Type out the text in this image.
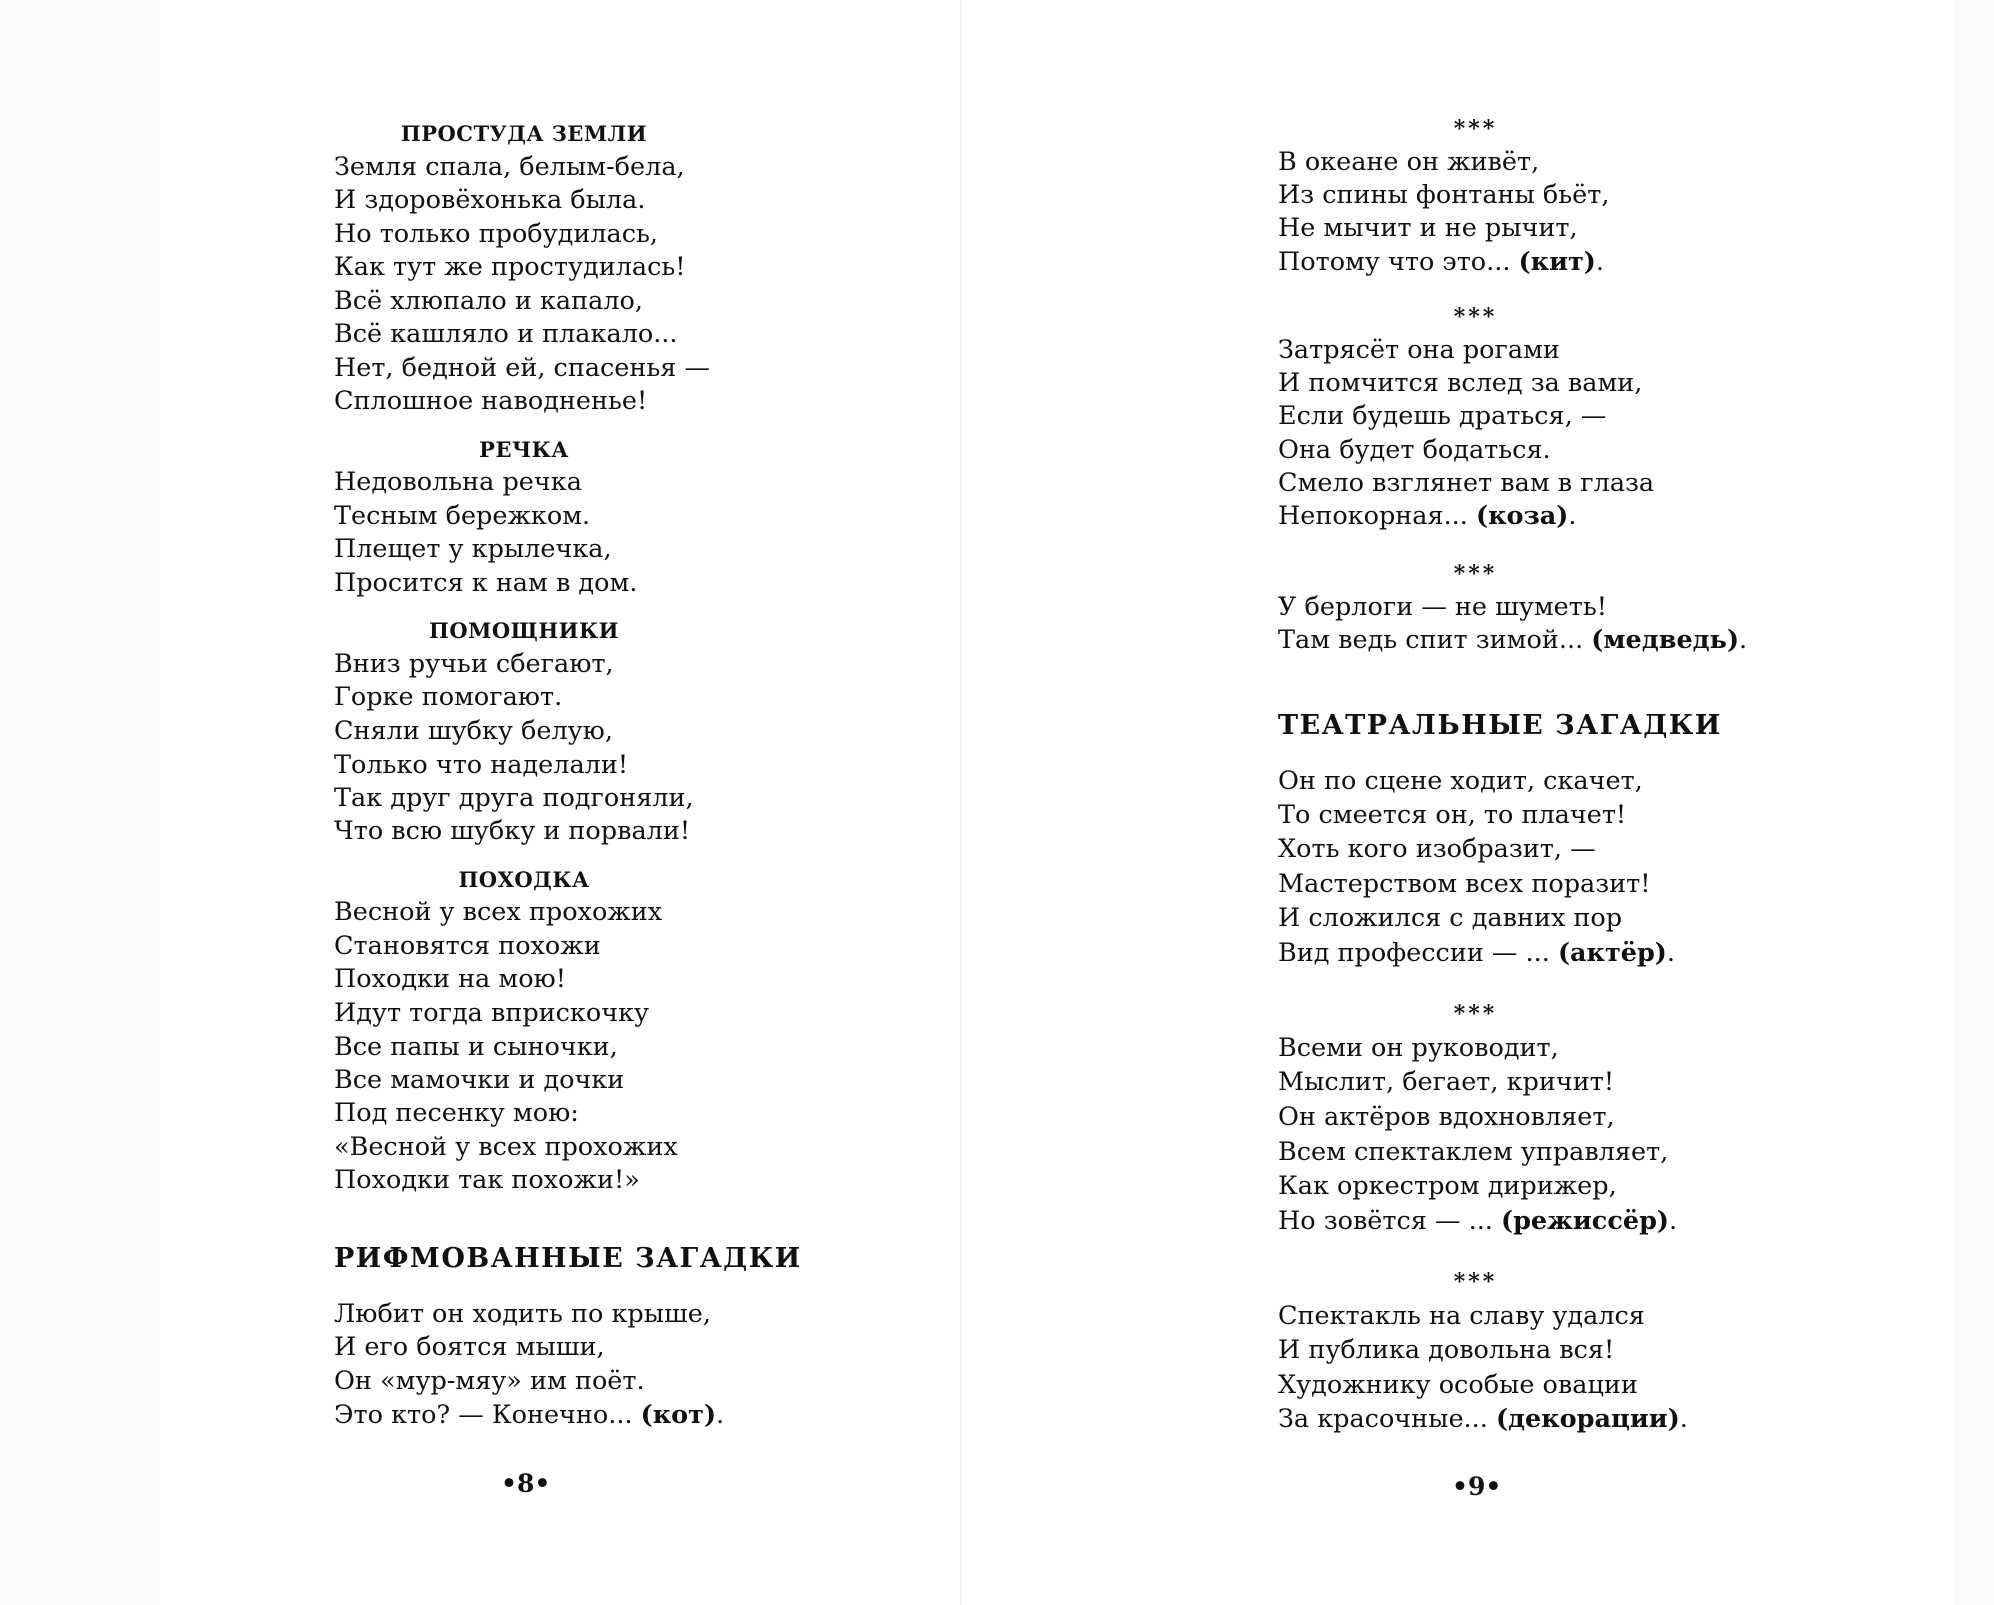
ПРОСТУДА ЗЕМЛИ
Земля спала, белым-бела,
И здоровёхонька была.
Но только пробудилась,
Как тут же простудилась!
Всё хлюпало и капало,
Всё кашляло и плакало...
Нет, бедной ей, спасенья —
Сплошное наводненье!
РЕЧКА
Недовольна речка
Тесным бережком.
Плещет у крылечка,
Просится к нам в дом.
ПОМОЩНИКИ
Вниз ручьи сбегают,
Горке помогают.
Сняли шубку белую,
Только что наделали!
Так друг друга подгоняли,
Что всю шубку и порвали!
ПОХОДКА
Весной у всех прохожих
Становятся похожи
Походки на мою!
Идут тогда вприскочку
Все папы и сыночки,
Все мамочки и дочки
Под песенку мою:
«Весной у всех прохожих
Походки так похожи!»
РИФМОВАННЫЕ ЗАГАДКИ
Любит он ходить по крыше,
И его боятся мыши,
Он «мур-мяу» им поёт.
Это кто? — Конечно... (кот).
•8•
***
В океане он живёт,
Из спины фонтаны бьёт,
Не мычит и не рычит,
Потому что это... (кит).
***
Затрясёт она рогами
И помчится вслед за вами,
Если будешь драться, —
Она будет бодаться.
Смело взглянет вам в глаза
Непокорная... (коза).
***
У берлоги — не шуметь!
Там ведь спит зимой... (медведь).
ТЕАТРАЛЬНЫЕ ЗАГАДКИ
Он по сцене ходит, скачет,
То смеется он, то плачет!
Хоть кого изобразит, —
Мастерством всех поразит!
И сложился с давних пор
Вид профессии — ... (актёр).
***
Всеми он руководит,
Мыслит, бегает, кричит!
Он актёров вдохновляет,
Всем спектаклем управляет,
Как оркестром дирижер,
Но зовётся — ... (режиссёр).
***
Спектакль на славу удался
И публика довольна вся!
Художнику особые овации
За красочные... (декорации).
•9•
